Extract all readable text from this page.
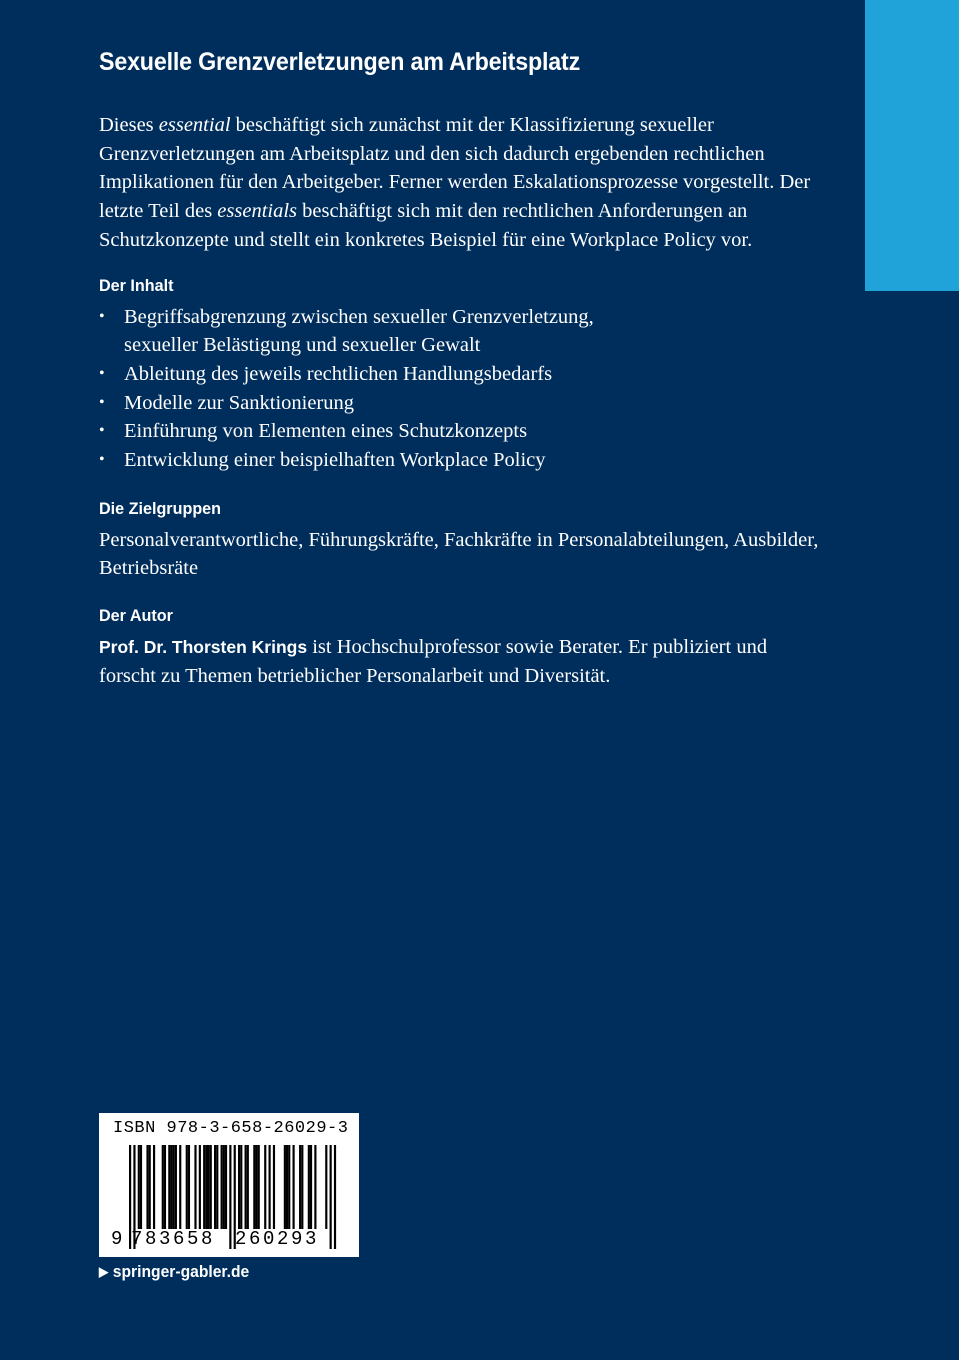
Sexuelle Grenzverletzungen am Arbeitsplatz

Dieses essential beschäftigt sich zunächst mit der Klassifizierung sexueller Grenzverletzungen am Arbeitsplatz und den sich dadurch ergebenden rechtlichen Implikationen für den Arbeitgeber. Ferner werden Eskalationsprozesse vorgestellt. Der letzte Teil des essentials beschäftigt sich mit den rechtlichen Anforderungen an Schutzkonzepte und stellt ein konkretes Beispiel für eine Workplace Policy vor.

Der Inhalt
• Begriffsabgrenzung zwischen sexueller Grenzverletzung,
sexueller Belästigung und sexueller Gewalt
• Ableitung des jeweils rechtlichen Handlungsbedarfs
• Modelle zur Sanktionierung
• Einführung von Elementen eines Schutzkonzepts
• Entwicklung einer beispielhaften Workplace Policy
Die Zielgruppen

Personalverantwortliche, Führungskräfte, Fachkräfte in Personalabteilungen, Ausbilder, Betriebsräte

Der Autor

Prof. Dr. Thorsten Krings ist Hochschulprofessor sowie Berater. Er publiziert und forscht zu Themen betrieblicher Personalarbeit und Diversität.

ISBN 978-3-658-26029-3
9 783658 260293
▶ springer-gabler.de
